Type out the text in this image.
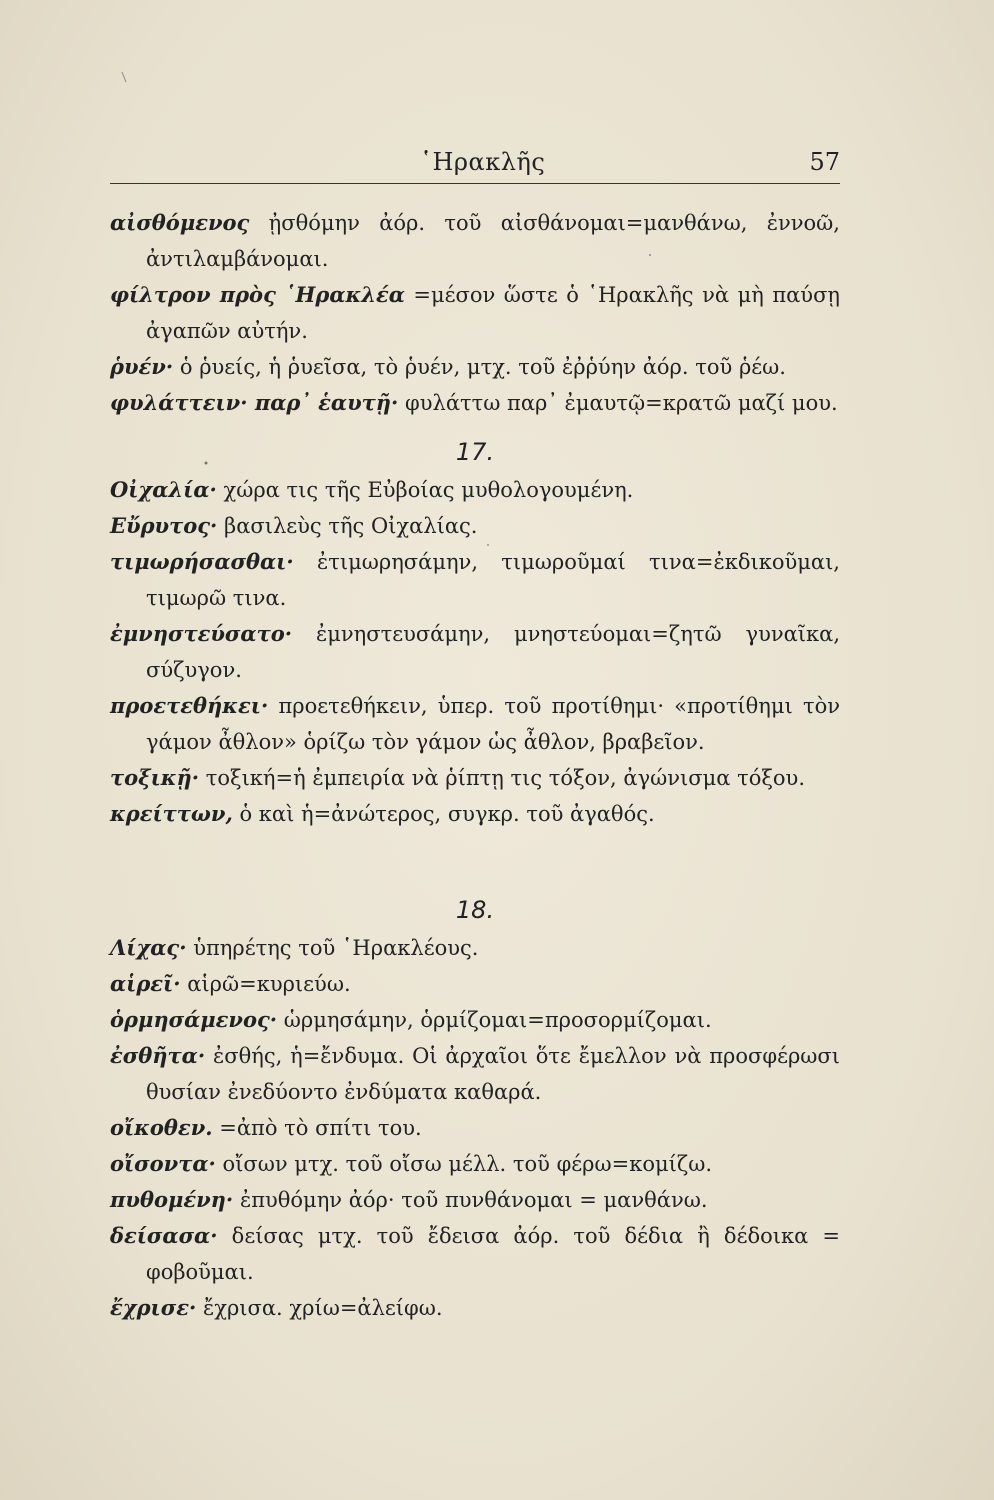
῾Ηρακλῆς	57
αἰσθόμενος ᾐσθόμην ἀόρ. τοῦ αἰσθάνομαι=μανθάνω, ἐννοῶ, ἀντιλαμβάνομαι.
φίλτρον πρὸς ῾Ηρακλέα =μέσον ὥστε ὁ ῾Ηρακλῆς νὰ μὴ παύσῃ ἀγαπῶν αὐτήν.
ῥυέν· ὁ ῥυείς, ἡ ῥυεῖσα, τὸ ῥυέν, μτχ. τοῦ ἐῤῥύην ἀόρ. τοῦ ῥέω.
φυλάττειν· παρ᾽ ἑαυτῇ· φυλάττω παρ᾽ ἐμαυτῷ=κρατῶ μαζί μου.
17.
Οἰχαλία· χώρα τις τῆς Εὐβοίας μυθολογουμένη.
Εὔρυτος· βασιλεὺς τῆς Οἰχαλίας.
τιμωρήσασθαι· ἐτιμωρησάμην, τιμωροῦμαί τινα=ἐκδικοῦμαι, τιμωρῶ τινα.
ἐμνηστεύσατο· ἐμνηστευσάμην, μνηστεύομαι=ζητῶ γυναῖκα, σύζυγον.
προετεθήκει· προετεθήκειν, ὑπερ. τοῦ προτίθημι· «προτίθημι τὸν γάμον ἆθλον» ὁρίζω τὸν γάμον ὡς ἆθλον, βραβεῖον.
τοξικῇ· τοξική=ἡ ἐμπειρία νὰ ῥίπτῃ τις τόξον, ἀγώνισμα τόξου.
κρείττων, ὁ καὶ ἡ=ἀνώτερος, συγκρ. τοῦ ἀγαθός.
18.
Λίχας· ὑπηρέτης τοῦ ῾Ηρακλέους.
αἱρεῖ· αἱρῶ=κυριεύω.
ὁρμησάμενος· ὡρμησάμην, ὁρμίζομαι=προσορμίζομαι.
ἐσθῆτα· ἐσθής, ἡ=ἔνδυμα. Οἱ ἀρχαῖοι ὅτε ἔμελλον νὰ προσφέρωσι θυσίαν ἐνεδύοντο ἐνδύματα καθαρά.
οἴκοθεν. =ἀπὸ τὸ σπίτι του.
οἴσοντα· οἴσων μτχ. τοῦ οἴσω μέλλ. τοῦ φέρω=κομίζω.
πυθομένη· ἐπυθόμην ἀόρ· τοῦ πυνθάνομαι = μανθάνω.
δείσασα· δείσας μτχ. τοῦ ἔδεισα ἀόρ. τοῦ δέδια ἢ δέδοικα = φοβοῦμαι.
ἔχρισε· ἔχρισα. χρίω=ἀλείφω.
